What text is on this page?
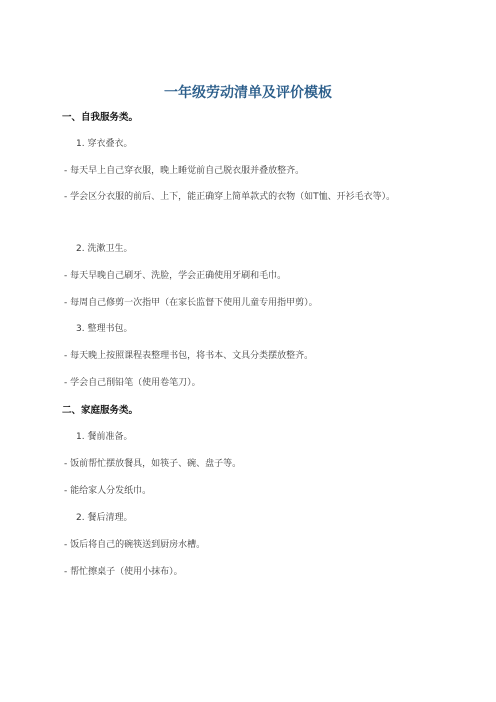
一年级劳动清单及评价模板
一、自我服务类。
1. 穿衣叠衣。
- 每天早上自己穿衣服，晚上睡觉前自己脱衣服并叠放整齐。
- 学会区分衣服的前后、上下，能正确穿上简单款式的衣物（如T恤、开衫毛衣等）。
2. 洗漱卫生。
- 每天早晚自己刷牙、洗脸，学会正确使用牙刷和毛巾。
- 每周自己修剪一次指甲（在家长监督下使用儿童专用指甲剪）。
3. 整理书包。
- 每天晚上按照课程表整理书包，将书本、文具分类摆放整齐。
- 学会自己削铅笔（使用卷笔刀）。
二、家庭服务类。
1. 餐前准备。
- 饭前帮忙摆放餐具，如筷子、碗、盘子等。
- 能给家人分发纸巾。
2. 餐后清理。
- 饭后将自己的碗筷送到厨房水槽。
- 帮忙擦桌子（使用小抹布）。
